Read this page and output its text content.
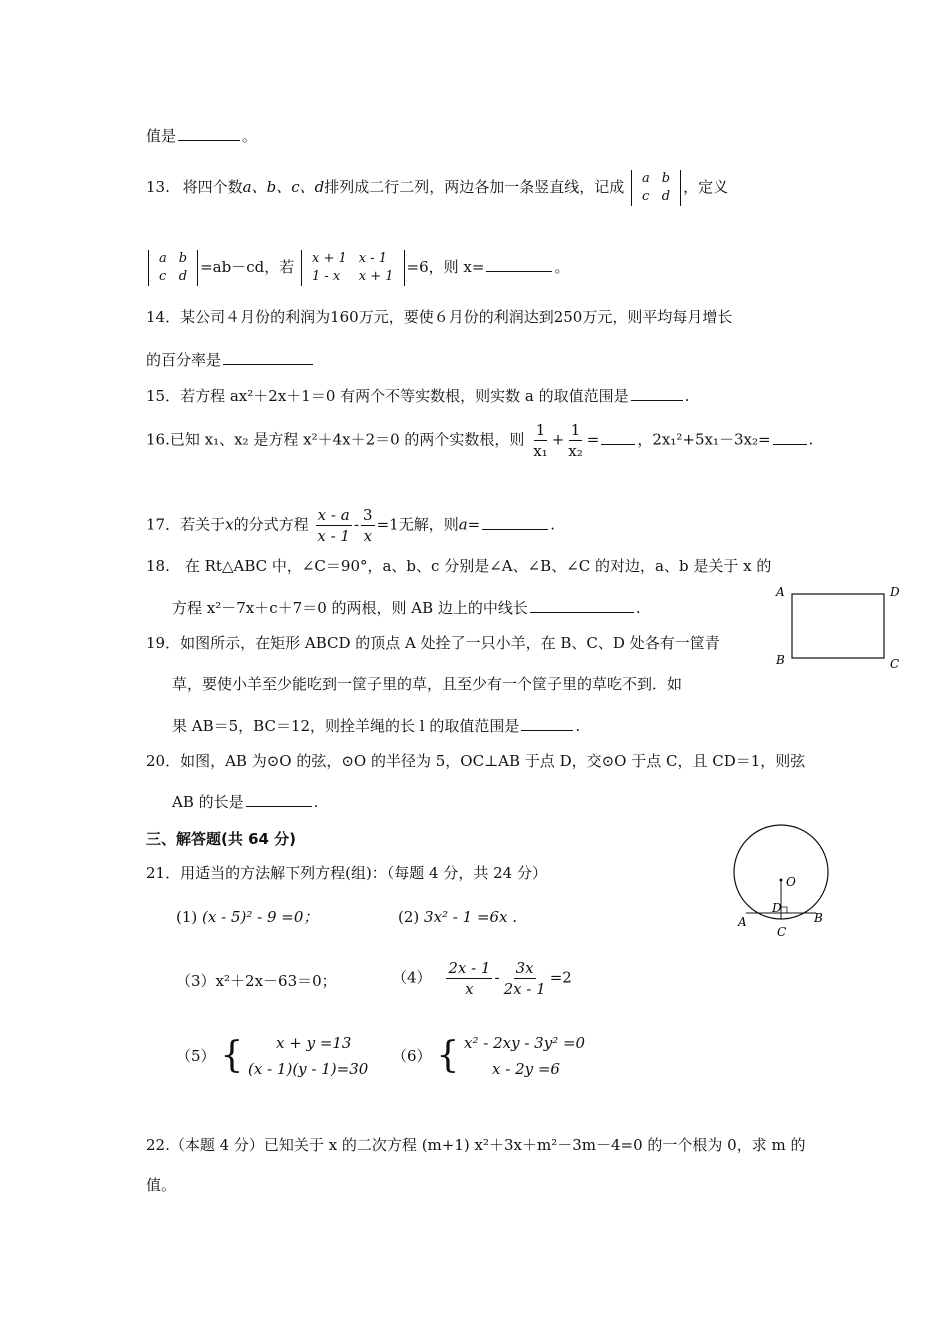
值是	。
13. 将四个数a、b、c、d排列成二行二列，两边各加一条竖直线，记成 a	b
c	d
，定义
a	b
c	d
=ab－cd，若 x + 1	x - 1
1 - x	x + 1
=6，则 x=	。
14．某公司４月份的利润为160万元，要使６月份的利润达到250万元，则平均每月增长
的百分率是
15．若方程 ax²＋2x＋1＝0 有两个不等实数根，则实数 a 的取值范围是	.
16.已知 x₁、x₂ 是方程 x²＋4x＋2＝0 的两个实数根，则 $\frac{1}{\text{x₁}} + \frac{1}{\text{x₂}}$ =	，2x₁²+5x₁－3x₂=	.
17．若关于x的分式方程 $\frac{x - a}{x - 1} - \frac{3}{x} =1$无解，则a=	.
18.　在 Rt△ABC 中，∠C＝90°，a、b、c 分别是∠A、∠B、∠C 的对边，a、b 是关于 x 的
方程 x²－7x＋c＋7＝0 的两根，则 AB 边上的中线长	.
19．如图所示，在矩形 ABCD 的顶点 A 处拴了一只小羊，在 B、C、D 处各有一筐青
草，要使小羊至少能吃到一筐子里的草，且至少有一个筐子里的草吃不到．如
果 AB＝5，BC＝12，则拴羊绳的长 l 的取值范围是	.
A	D
B	C
20．如图，AB 为⊙O 的弦，⊙O 的半径为 5，OC⊥AB 于点 D，交⊙O 于点 C，且 CD＝1，则弦
AB 的长是	.
三、解答题(共 64 分)
O
D
A	B
C
21．用适当的方法解下列方程(组)：（每题 4 分，共 24 分）
(1) (x - 5)² - 9 =0；	(2) 3x² - 1 =6x .
（3）x²＋2x－63＝0；	$(4) \frac{2x - 1}{x} - \frac{3x}{2x - 1} =2$
（5） {	x + y =13
(x - 1)(y - 1)=30
（6） { x² - 2xy - 3y² =0
x - 2y =6
22.（本题 4 分）已知关于 x 的二次方程 (m+1) x²＋3x＋m²－3m－4=0 的一个根为 0，求 m 的
值。
